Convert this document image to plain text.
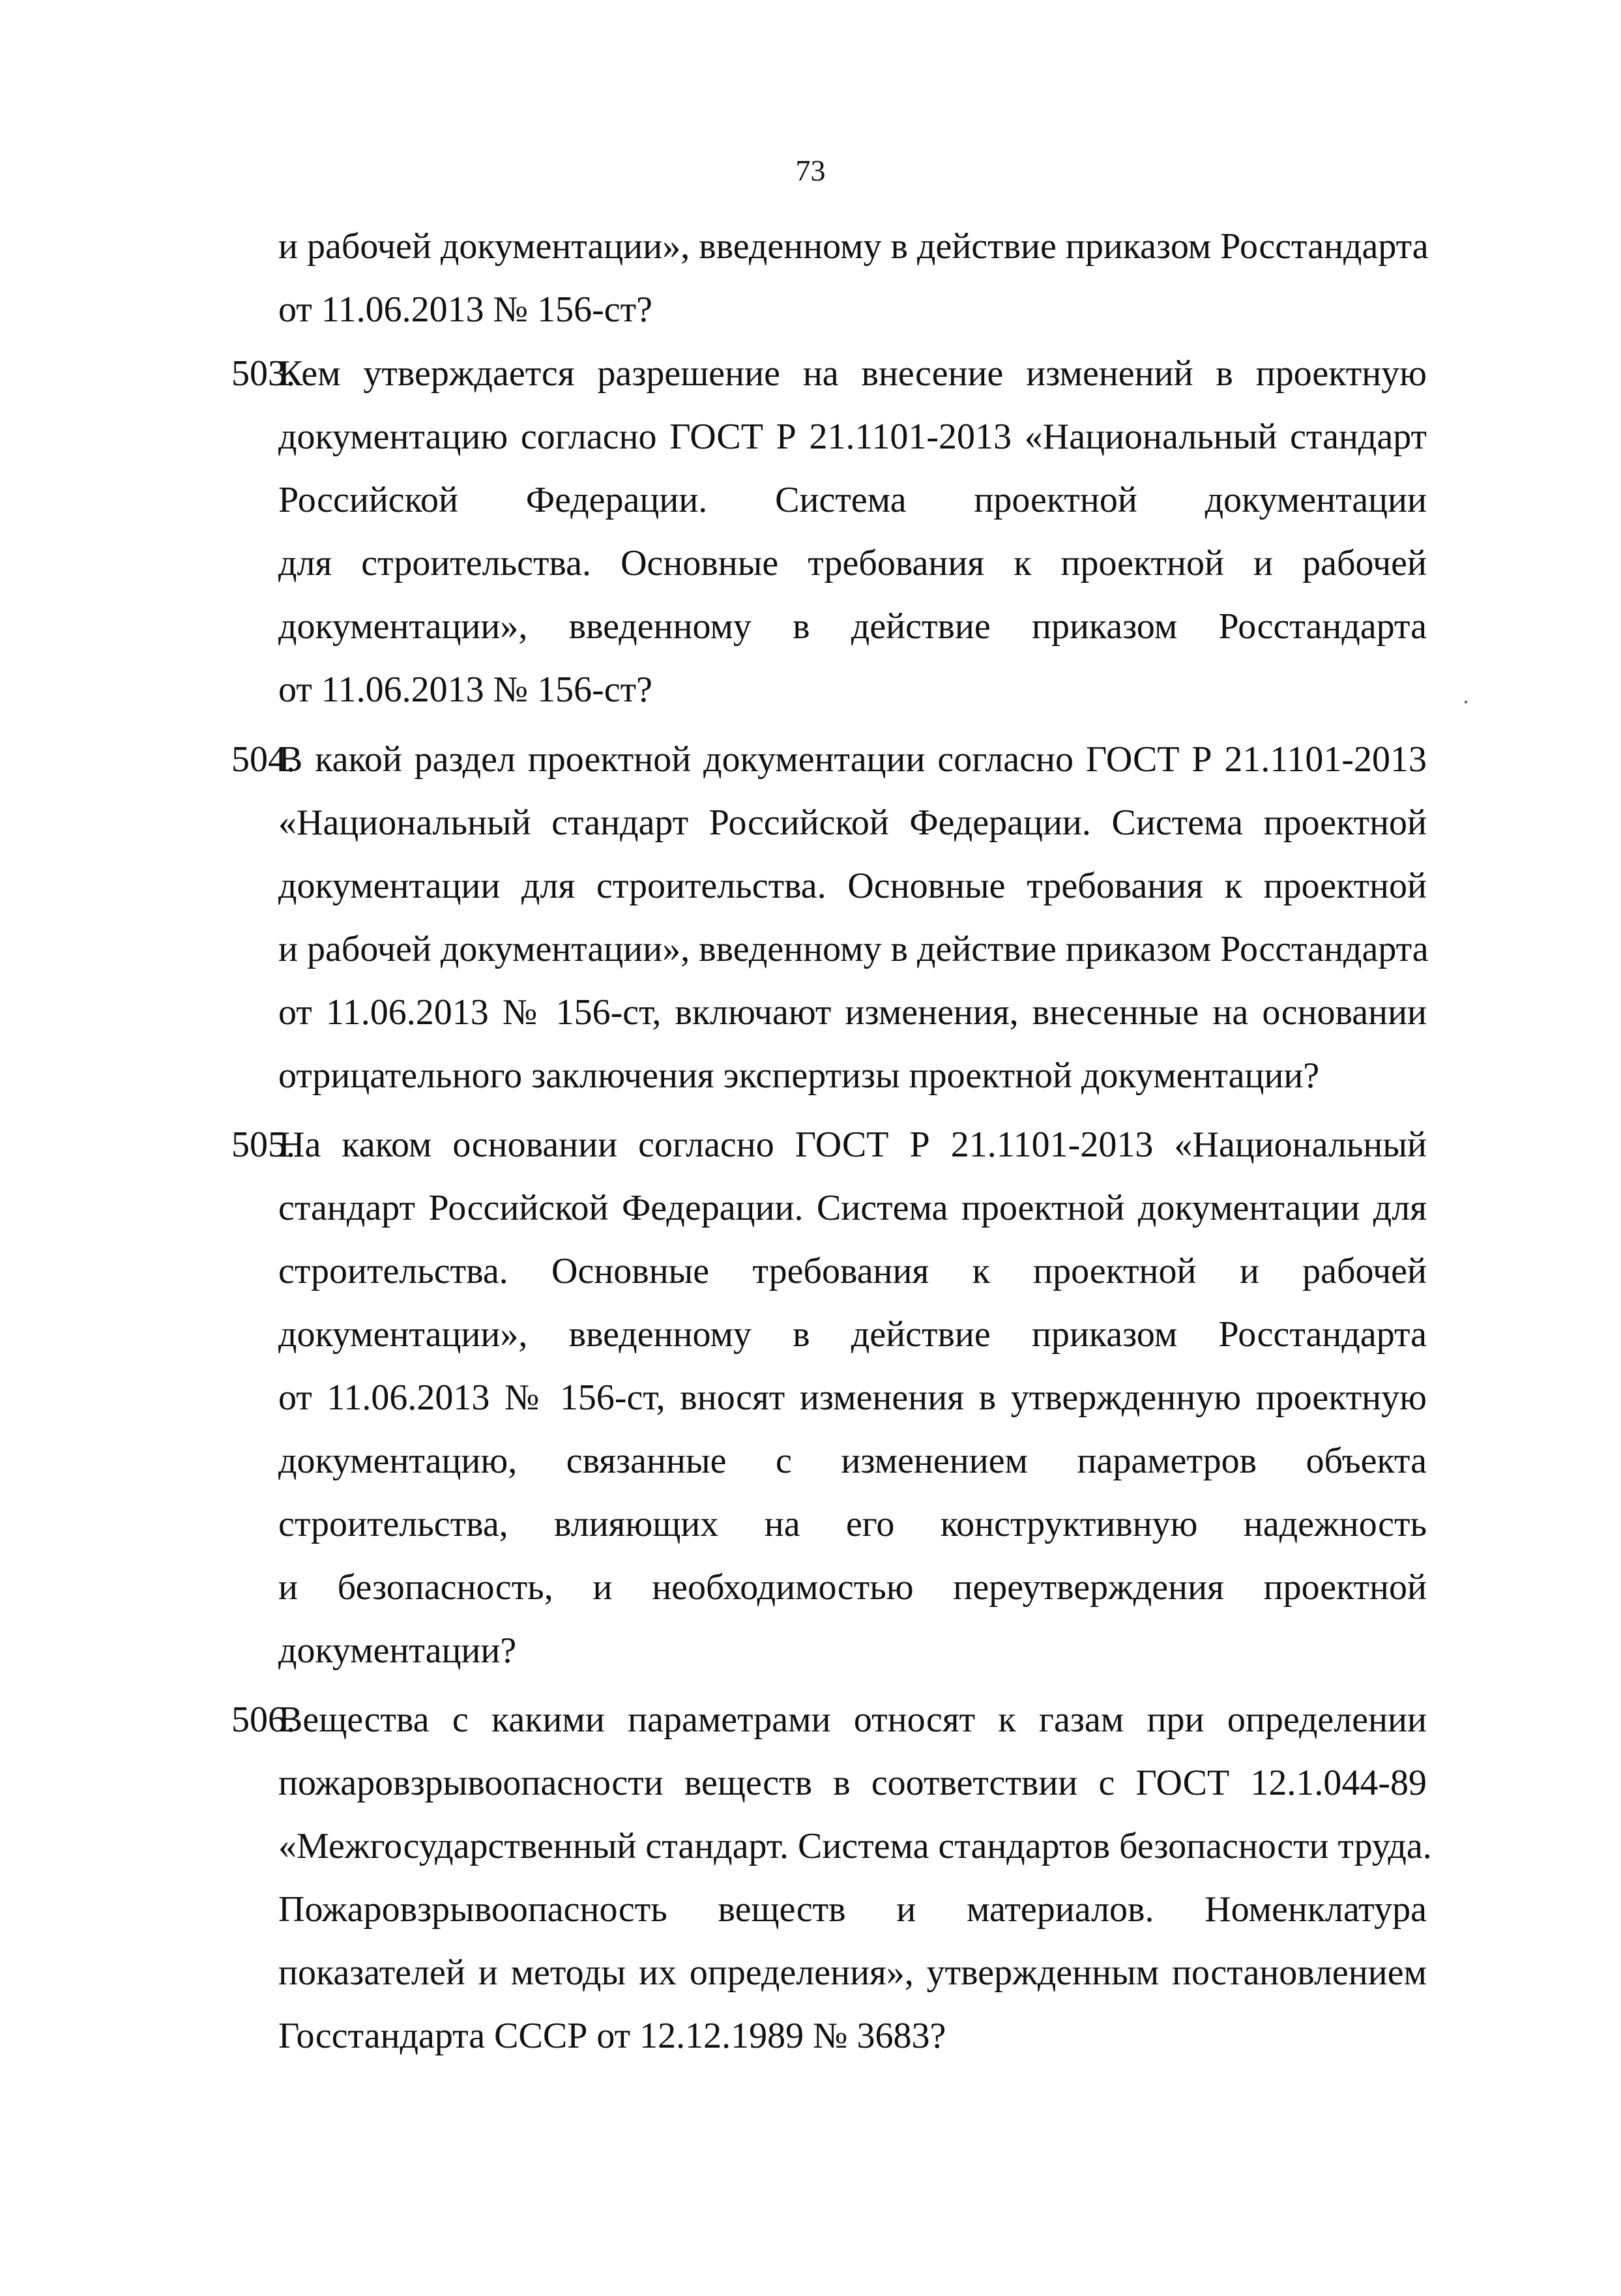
73
и рабочей документации», введенному в действие приказом Росстандарта
от 11.06.2013 № 156-ст?
503.
Кем утверждается разрешение на внесение изменений в проектную
документацию согласно ГОСТ Р 21.1101-2013 «Национальный стандарт
Российской Федерации. Система проектной документации
для строительства. Основные требования к проектной и рабочей
документации», введенному в действие приказом Росстандарта
от 11.06.2013 № 156-ст?
504.
В какой раздел проектной документации согласно ГОСТ Р 21.1101-2013
«Национальный стандарт Российской Федерации. Система проектной
документации для строительства. Основные требования к проектной
и рабочей документации», введенному в действие приказом Росстандарта
от 11.06.2013 № 156-ст, включают изменения, внесенные на основании
отрицательного заключения экспертизы проектной документации?
505.
На каком основании согласно ГОСТ Р 21.1101-2013 «Национальный
стандарт Российской Федерации. Система проектной документации для
строительства. Основные требования к проектной и рабочей
документации», введенному в действие приказом Росстандарта
от 11.06.2013 № 156-ст, вносят изменения в утвержденную проектную
документацию, связанные с изменением параметров объекта
строительства, влияющих на его конструктивную надежность
и безопасность, и необходимостью переутверждения проектной
документации?
506.
Вещества с какими параметрами относят к газам при определении
пожаровзрывоопасности веществ в соответствии с ГОСТ 12.1.044-89
«Межгосударственный стандарт. Система стандартов безопасности труда.
Пожаровзрывоопасность веществ и материалов. Номенклатура
показателей и методы их определения», утвержденным постановлением
Госстандарта СССР от 12.12.1989 № 3683?
